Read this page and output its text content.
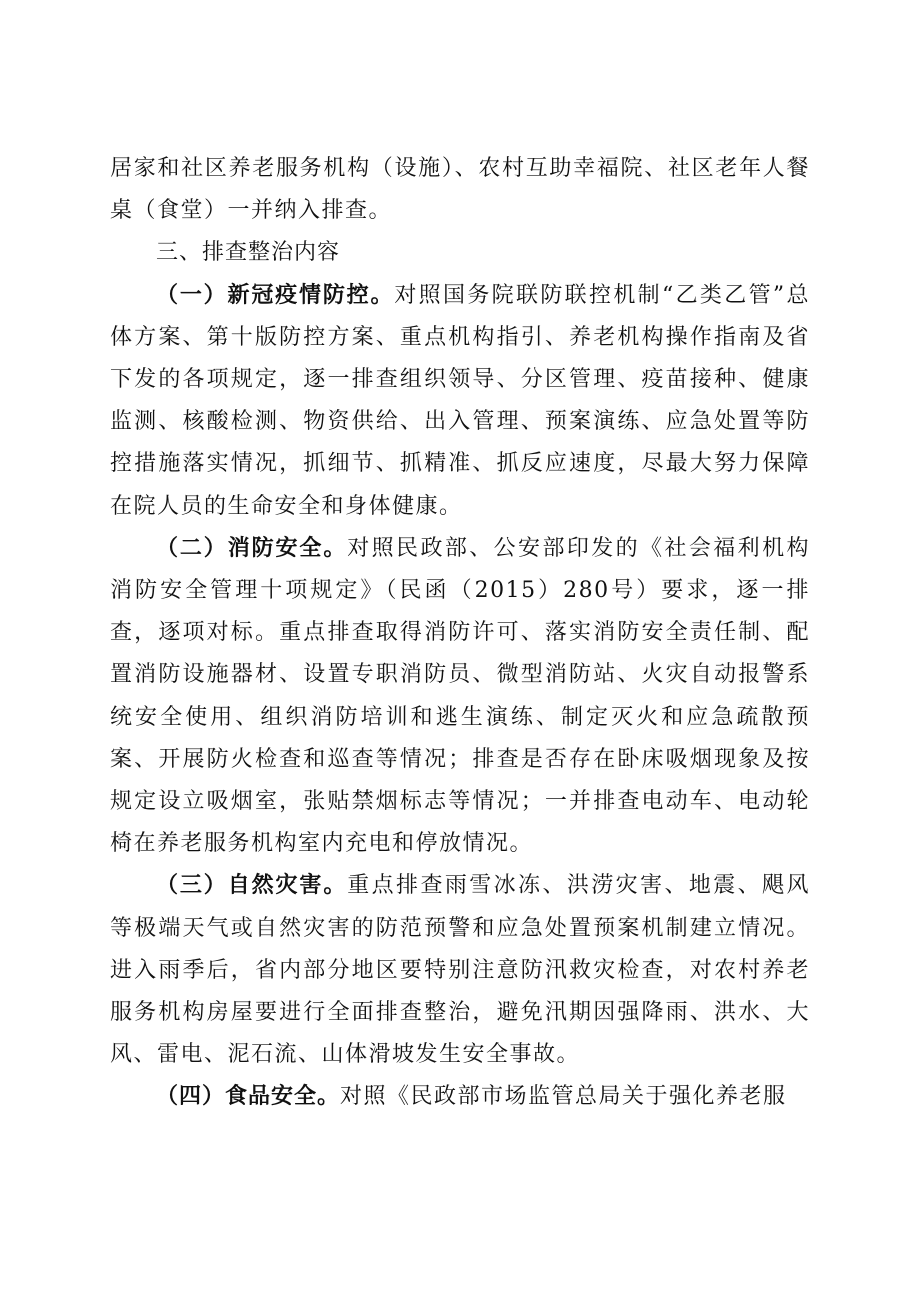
居家和社区养老服务机构（设施）、农村互助幸福院、社区老年人餐桌（食堂）一并纳入排查。

三、排查整治内容

（一）新冠疫情防控。对照国务院联防联控机制“乙类乙管”总体方案、第十版防控方案、重点机构指引、养老机构操作指南及省下发的各项规定，逐一排查组织领导、分区管理、疫苗接种、健康监测、核酸检测、物资供给、出入管理、预案演练、应急处置等防控措施落实情况，抓细节、抓精准、抓反应速度，尽最大努力保障在院人员的生命安全和身体健康。

（二）消防安全。对照民政部、公安部印发的《社会福利机构消防安全管理十项规定》（民函（2015）280号）要求，逐一排查，逐项对标。重点排查取得消防许可、落实消防安全责任制、配置消防设施器材、设置专职消防员、微型消防站、火灾自动报警系统安全使用、组织消防培训和逃生演练、制定灭火和应急疏散预案、开展防火检查和巡查等情况；排查是否存在卧床吸烟现象及按规定设立吸烟室，张贴禁烟标志等情况；一并排查电动车、电动轮椅在养老服务机构室内充电和停放情况。

（三）自然灾害。重点排查雨雪冰冻、洪涝灾害、地震、飓风等极端天气或自然灾害的防范预警和应急处置预案机制建立情况。进入雨季后，省内部分地区要特别注意防汛救灾检查，对农村养老服务机构房屋要进行全面排查整治，避免汛期因强降雨、洪水、大风、雷电、泥石流、山体滑坡发生安全事故。

（四）食品安全。对照《民政部市场监管总局关于强化养老服
